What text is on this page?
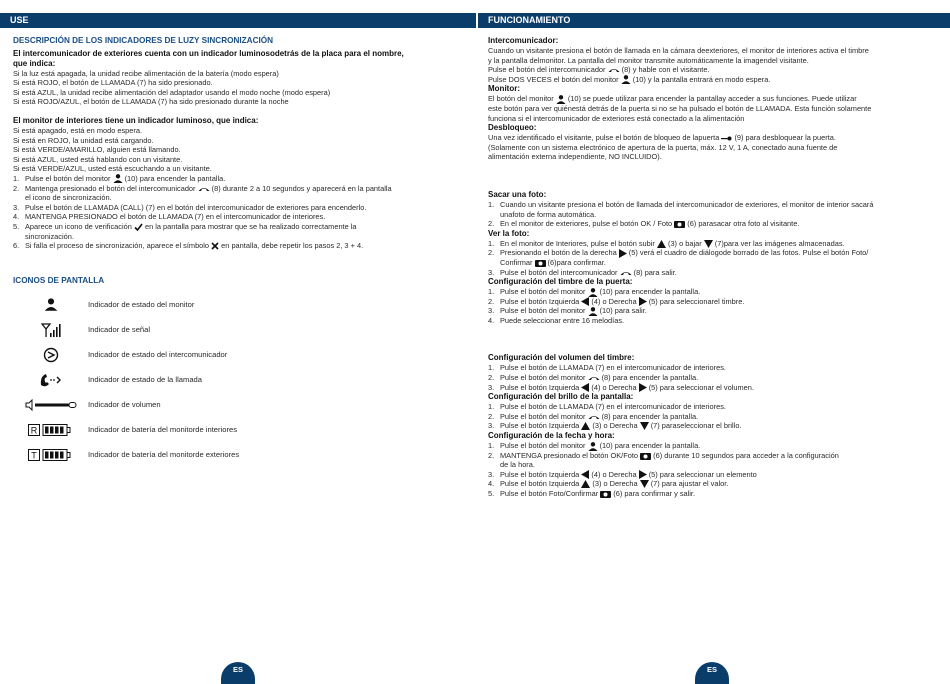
USE	FUNCIONAMIENTO

DESCRIPCIÓN DE LOS INDICADORES DE LUZY SINCRONIZACIÓN

El intercomunicador de exteriores cuenta con un indicador luminosodetrás de la placa para el nombre,

que indica:

Si la luz está apagada, la unidad recibe alimentación de la batería (modo espera)

Si está ROJO, el botón de LLAMADA (7) ha sido presionado.

Si está AZUL, la unidad recibe alimentación del adaptador usando el modo noche (modo espera)

Si está ROJO/AZUL, el botón de LLAMADA (7) ha sido presionado durante la noche

El monitor de interiores tiene un indicador luminoso, que indica:

Si está apagado, está en modo espera.

Si está en ROJO, la unidad está cargando.

Si está VERDE/AMARILLO, alguien está llamando.

Si está AZUL, usted está hablando con un visitante.

Si está VERDE/AZUL, usted está escuchando a un visitante.

1. Pulse el botón del monitor (10) para encender la pantalla.
2. Mantenga presionado el botón del intercomunicador (8) durante 2 a 10 segundos y aparecerá en la pantalla
el icono de sincronización.
3. Pulse el botón de LLAMADA (CALL) (7) en el botón del intercomunicador de exteriores para encenderlo.
4. MANTENGA PRESIONADO el botón de LLAMADA (7) en el intercomunicador de interiores.
5. Aparece un icono de verificación en la pantalla para mostrar que se ha realizado correctamente la
sincronización.
6. Si falla el proceso de sincronización, aparece el símbolo en pantalla, debe repetir los pasos 2, 3 + 4.

ICONOS DE PANTALLA

Indicador de estado del monitor
Indicador de señal
Indicador de estado del intercomunicador
Indicador de estado de la llamada
Indicador de volumen
R	Indicador de batería del monitorde interiores
T	Indicador de batería del monitorde exteriores

Intercomunicador:

Cuando un visitante presiona el botón de llamada en la cámara deexteriores, el monitor de interiores activa el timbre

y la pantalla delmonitor. La pantalla del monitor transmite automáticamente la imagendel visitante.

Pulse el botón del intercomunicador  (8) y hable con el visitante.

Pulse DOS VECES el botón del monitor  (10) y la pantalla entrará en modo espera.

Monitor:

El botón del monitor  (10) se puede utilizar para encender la pantallay acceder a sus funciones. Puede utilizar

este botón para ver quiénestá detrás de la puerta si no se ha pulsado el botón de LLAMADA. Esta función solamente

funciona si el intercomunicador de exteriores está conectado a la alimentación

Desbloqueo:

Una vez identificado el visitante, pulse el botón de bloqueo de lapuerta  (9) para desbloquear la puerta.

(Solamente con un sistema electrónico de apertura de la puerta, máx. 12 V, 1 A, conectado auna fuente de

alimentación externa independiente, NO INCLUIDO).

Sacar una foto:

1. Cuando un visitante presiona el botón de llamada del intercomunicador de exteriores, el monitor de interior sacará
unafoto de forma automática.
2. En el monitor de exteriores, pulse el botón OK / Foto  (6) parasacar otra foto al visitante.

Ver la foto:

1. En el monitor de Interiores, pulse el botón subir  (3) o bajar  (7)para ver las imágenes almacenadas.
2. Presionando el botón de la derecha  (5) verá el cuadro de diálogode borrado de las fotos. Pulse el botón Foto/
Confirmar  (6)para confirmar.
3. Pulse el botón del intercomunicador  (8) para salir.

Configuración del timbre de la puerta:

1. Pulse el botón del monitor  (10) para encender la pantalla.
2. Pulse el botón Izquierda  (4) o Derecha  (5) para seleccionarel timbre.
3. Pulse el botón del monitor  (10) para salir.
4. Puede seleccionar entre 16 melodías.

Configuración del volumen del timbre:

1. Pulse el botón de LLAMADA (7) en el intercomunicador de interiores.
2. Pulse el botón del monitor  (8) para encender la pantalla.
3. Pulse el botón Izquierda  (4) o Derecha  (5) para seleccionar el volumen.

Configuración del brillo de la pantalla:

1. Pulse el botón de LLAMADA (7) en el intercomunicador de interiores.
2. Pulse el botón del monitor  (8) para encender la pantalla.
3. Pulse el botón Izquierda  (3) o Derecha  (7) paraseleccionar el brillo.

Configuración de la fecha y hora:

1. Pulse el botón del monitor  (10) para encender la pantalla.
2. MANTENGA presionado el botón OK/Foto  (6) durante 10 segundos para acceder a la configuración
de la hora.
3. Pulse el botón Izquierda  (4) o Derecha  (5) para seleccionar un elemento
4. Pulse el botón Izquierda  (3) o Derecha  (7) para ajustar el valor.
5. Pulse el botón Foto/Confirmar  (6) para confirmar y salir.
ES	ES
